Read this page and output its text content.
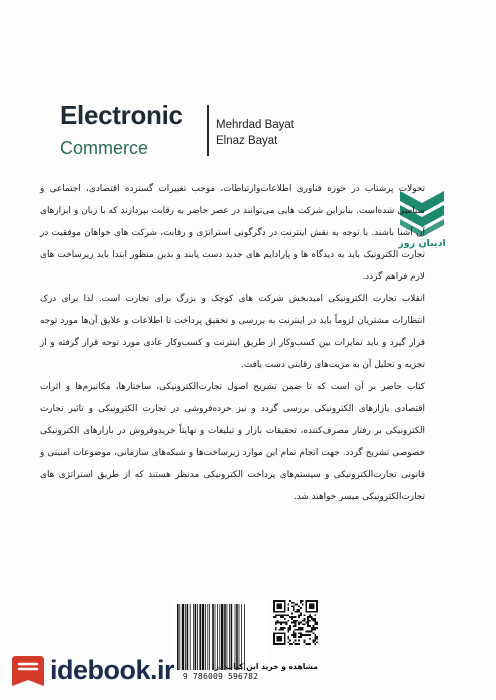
Electronic
Commerce
Mehrdad Bayat
Elnaz Bayat
ادیبان روز

تحولات پرشتاب در حوزه فناوری اطلاعات‌وارتباطات، موجب تغییرات گسترده اقتصادی، اجتماعی و سیاسی شده‌است. بنابراین شرکت هایی می‌توانند در عصر حاضر به رقابت بپردازند که با زبان و ابزارهای آن آشنا باشند. با توجه به نقش اینترنت در دگرگونی استراتژی و رقابت، شرکت های خواهان موفقیت در تجارت الکترونیک باید به دیدگاه ها و پارادایم های جدید دست یابند و بدین منظور ابتدا باید زیرساخت های لازم فراهم گردد.

انقلاب تجارت الکترونیکی امیدبخش شرکت های کوچک و بزرگ برای تجارت است. لذا برای درک انتظارات مشتریان لزوماً باید در اینترنت به بررسی و تحقیق پرداخت تا اطلاعات و علایق آن‌ها مورد توجه قرار گیرد و باید تمایزات بین کسب‌وکار از طریق اینترنت و کسب‌وکار عادی مورد توجه قرار گرفته و از تجزیه و تحلیل آن به مزیت‌های رقابتی دست یافت.

کتاب حاضر بر آن است که تا ضمن تشریح اصول تجارت‌الکترونیکی، ساختارها، مکانیزم‌ها و اثرات اقتصادی بازارهای الکترونیکی بررسی گردد و نیز خرده‌فروشی در تجارت الکترونیکی و تاثیر تجارت الکترونیکی بر رفتار مصرف‌کننده، تحقیقات بازار و تبلیغات و نهایتاً خرید‌وفروش در بازارهای الکترونیکی خصوصی تشریح گردد. جهت انجام تمام این موارد زیرساخت‌ها و شبکه‌های سازمانی، موضوعات امنیتی و قانونی تجارت‌الکترونیکی و سیستم‌های پرداخت الکترونیکی مدنظر هستند که از طریق استراتژی های تجارت‌الکترونیکی میسر خواهند شد.

9 786009 596782
مشاهده و خرید این کتاب در:
idebook.ir
